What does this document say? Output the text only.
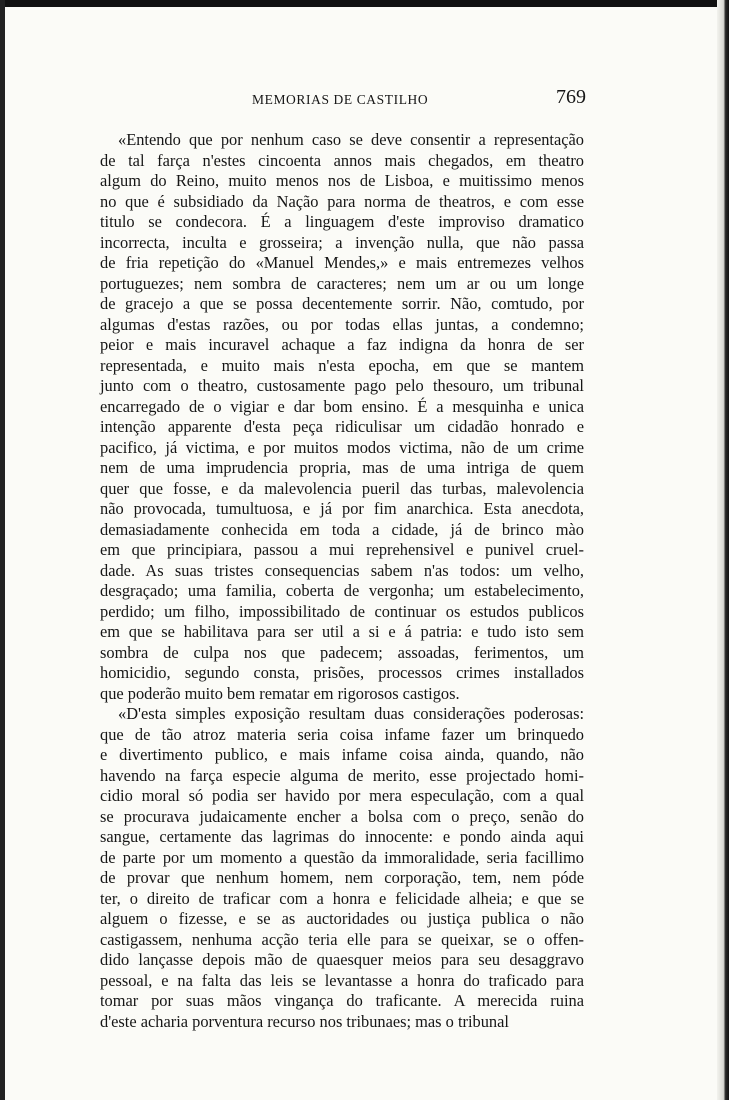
MEMORIAS DE CASTILHO	769
«Entendo que por nenhum caso se deve consentir a representação
de tal farça n'estes cincoenta annos mais chegados, em theatro
algum do Reino, muito menos nos de Lisboa, e muitissimo menos
no que é subsidiado da Nação para norma de theatros, e com esse
titulo se condecora. É a linguagem d'este improviso dramatico
incorrecta, inculta e grosseira; a invenção nulla, que não passa
de fria repetição do «Manuel Mendes,» e mais entremezes velhos
portuguezes; nem sombra de caracteres; nem um ar ou um longe
de gracejo a que se possa decentemente sorrir. Não, comtudo, por
algumas d'estas razões, ou por todas ellas juntas, a condemno;
peior e mais incuravel achaque a faz indigna da honra de ser
representada, e muito mais n'esta epocha, em que se mantem
junto com o theatro, custosamente pago pelo thesouro, um tribunal
encarregado de o vigiar e dar bom ensino. É a mesquinha e unica
intenção apparente d'esta peça ridiculisar um cidadão honrado e
pacifico, já victima, e por muitos modos victima, não de um crime
nem de uma imprudencia propria, mas de uma intriga de quem
quer que fosse, e da malevolencia pueril das turbas, malevolencia
não provocada, tumultuosa, e já por fim anarchica. Esta anecdota,
demasiadamente conhecida em toda a cidade, já de brinco mào
em que principiara, passou a mui reprehensivel e punivel cruel-
dade. As suas tristes consequencias sabem n'as todos: um velho,
desgraçado; uma familia, coberta de vergonha; um estabelecimento,
perdido; um filho, impossibilitado de continuar os estudos publicos
em que se habilitava para ser util a si e á patria: e tudo isto sem
sombra de culpa nos que padecem; assoadas, ferimentos, um
homicidio, segundo consta, prisões, processos crimes installados
que poderão muito bem rematar em rigorosos castigos.
«D'esta simples exposição resultam duas considerações poderosas:
que de tão atroz materia seria coisa infame fazer um brinquedo
e divertimento publico, e mais infame coisa ainda, quando, não
havendo na farça especie alguma de merito, esse projectado homi-
cidio moral só podia ser havido por mera especulação, com a qual
se procurava judaicamente encher a bolsa com o preço, senão do
sangue, certamente das lagrimas do innocente: e pondo ainda aqui
de parte por um momento a questão da immoralidade, seria facillimo
de provar que nenhum homem, nem corporação, tem, nem póde
ter, o direito de traficar com a honra e felicidade alheia; e que se
alguem o fizesse, e se as auctoridades ou justiça publica o não
castigassem, nenhuma acção teria elle para se queixar, se o offen-
dido lançasse depois mão de quaesquer meios para seu desaggravo
pessoal, e na falta das leis se levantasse a honra do traficado para
tomar por suas mãos vingança do traficante. A merecida ruina
d'este acharia porventura recurso nos tribunaes; mas o tribunal
